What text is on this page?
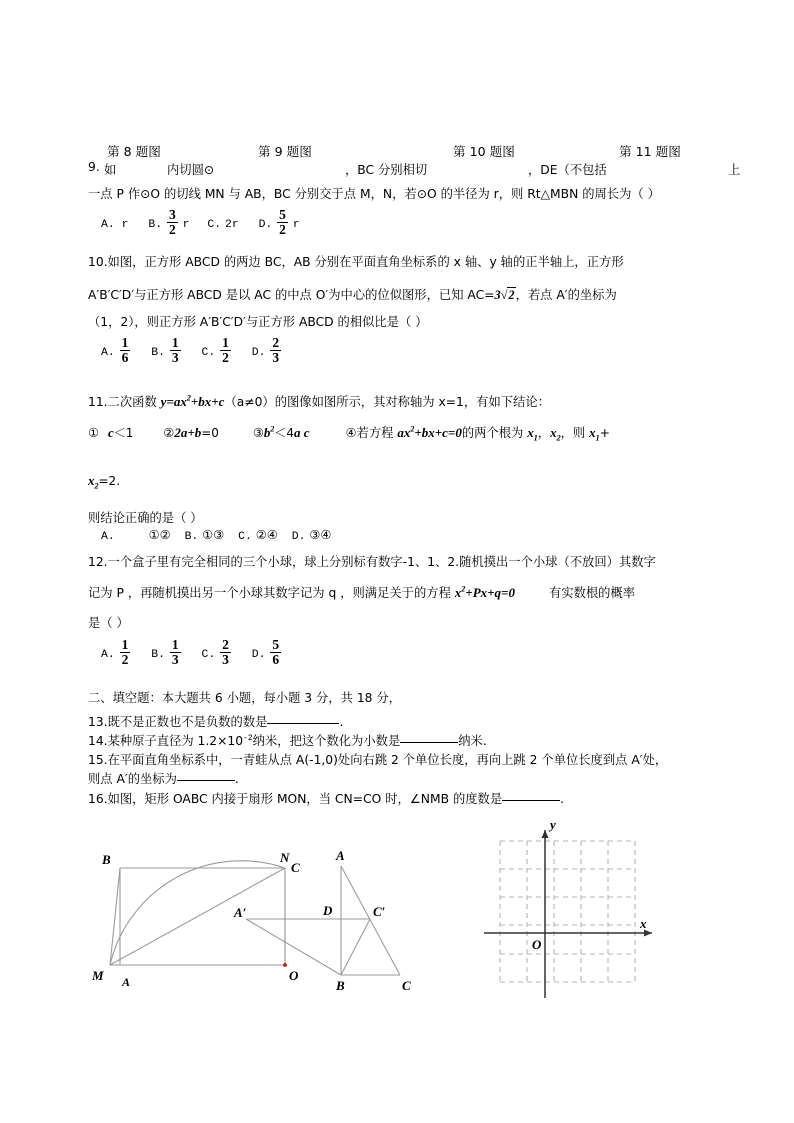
第 8 题图	第 9 题图	第 10 题图	第 11 题图
9. 如	内切圆⊙	，BC 分别相切	，DE（不包括	上
一点 P 作⊙O 的切线 MN 与 AB，BC 分别交于点 M，N，若⊙O 的半径为 r，则 Rt△MBN 的周长为（ ）
A. r B. $\frac{3}{2}$ r C. 2r D. $\frac{5}{2}$ r
10.如图，正方形 ABCD 的两边 BC，AB 分别在平面直角坐标系的 x 轴、y 轴的正半轴上，正方形
A′B′C′D′与正方形 ABCD 是以 AC 的中点 O′为中心的位似图形，已知 AC=3√2，若点 A′的坐标为
（1，2），则正方形 A′B′C′D′与正方形 ABCD 的相似比是（ ）
A. $\frac{1}{6} B$. $\frac{1}{3} C$. $\frac{1}{2} D$. $\frac{2}{3}$
11.二次函数 $y=ax^2+bx+c(a\ne 0)$的图像如图所示，其对称轴为 x=1，有如下结论：
① c＜1 ②2a+b=0	$③b^2<4a$ c	④若方程 $ax^2+bx+c=0$的两个根为 $x_1$，$x_2$，则 $x_1+$
$x_2=2$.
则结论正确的是（ ）
A.	①② B. ①③ C. ②④ D. ③④
12.一个盒子里有完全相同的三个小球，球上分别标有数字-1、1、2.随机摸出一个小球（不放回）其数字
记为 P ，再随机摸出另一个小球其数字记为 q ，则满足关于的方程 $x^2+Px+q=0$	有实数根的概率
是（ ）
A. $\frac{1}{2} B$. $\frac{1}{3} C$. $\frac{2}{3} D$. $\frac{5}{6}$
二、填空题：本大题共 6 小题，每小题 3 分，共 18 分，
13.既不是正数也不是负数的数是	.
14.某种原子直径为 $1.2\times 10^{-2}$纳米，把这个数化为小数是	纳米.
15.在平面直角坐标系中，一青蛙从点 A(-1,0)处向右跳 2 个单位长度，再向上跳 2 个单位长度到点 A′处，
则点 A′的坐标为	.
16.如图，矩形 OABC 内接于扇形 MON，当 CN=CO 时，∠NMB 的度数是	.
N
B
C
M A	O
A
D	C′
A′
B	C
x
y
O
